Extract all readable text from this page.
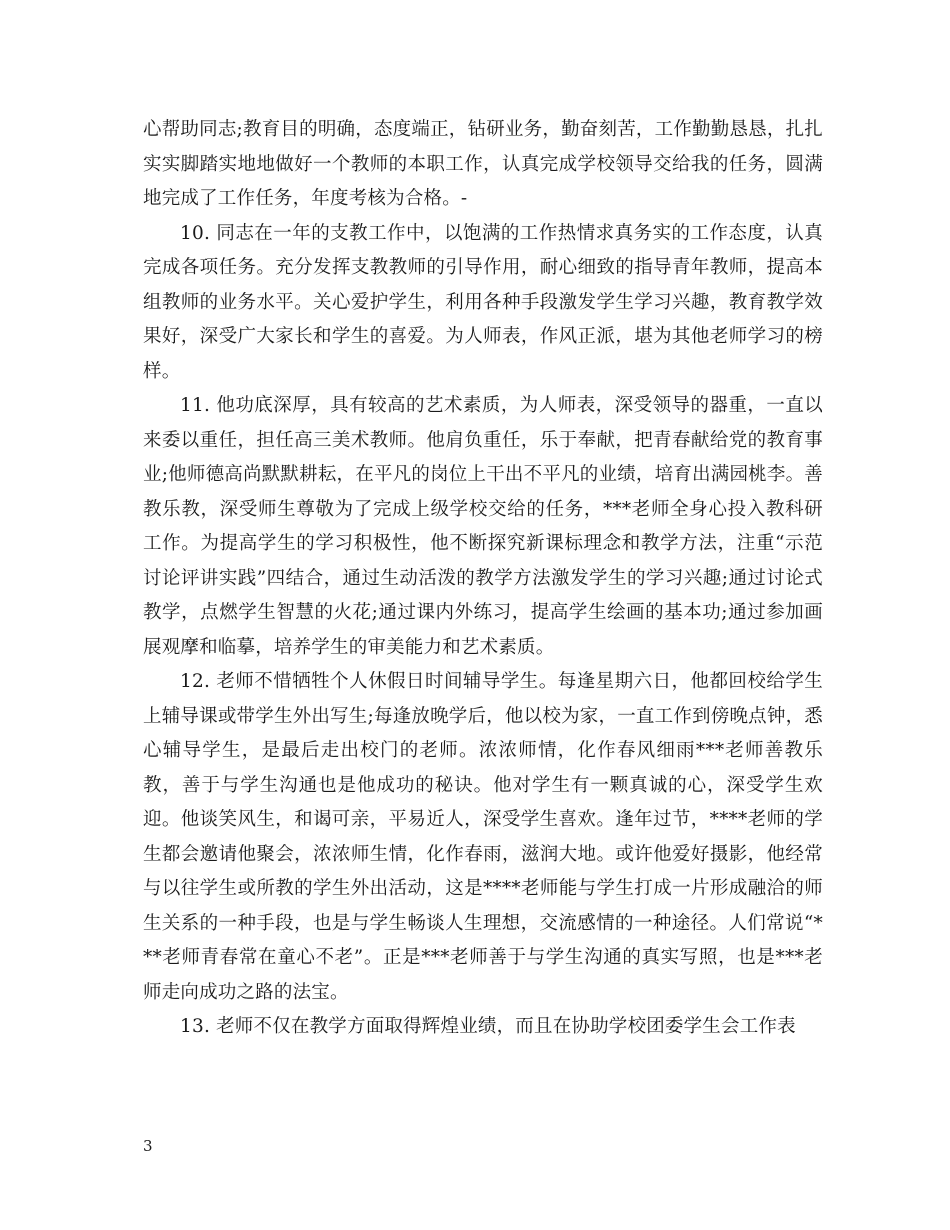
心帮助同志;教育目的明确，态度端正，钻研业务，勤奋刻苦，工作勤勤恳恳，扎扎实实脚踏实地地做好一个教师的本职工作，认真完成学校领导交给我的任务，圆满地完成了工作任务，年度考核为合格。-

10. 同志在一年的支教工作中，以饱满的工作热情求真务实的工作态度，认真完成各项任务。充分发挥支教教师的引导作用，耐心细致的指导青年教师，提高本组教师的业务水平。关心爱护学生，利用各种手段激发学生学习兴趣，教育教学效果好，深受广大家长和学生的喜爱。为人师表，作风正派，堪为其他老师学习的榜样。

11. 他功底深厚，具有较高的艺术素质，为人师表，深受领导的器重，一直以来委以重任，担任高三美术教师。他肩负重任，乐于奉献，把青春献给党的教育事业;他师德高尚默默耕耘，在平凡的岗位上干出不平凡的业绩，培育出满园桃李。善教乐教，深受师生尊敬为了完成上级学校交给的任务，***老师全身心投入教科研工作。为提高学生的学习积极性，他不断探究新课标理念和教学方法，注重“示范讨论评讲实践”四结合，通过生动活泼的教学方法激发学生的学习兴趣;通过讨论式教学，点燃学生智慧的火花;通过课内外练习，提高学生绘画的基本功;通过参加画展观摩和临摹，培养学生的审美能力和艺术素质。

12. 老师不惜牺牲个人休假日时间辅导学生。每逢星期六日，他都回校给学生上辅导课或带学生外出写生;每逢放晚学后，他以校为家，一直工作到傍晚点钟，悉心辅导学生，是最后走出校门的老师。浓浓师情，化作春风细雨***老师善教乐教，善于与学生沟通也是他成功的秘诀。他对学生有一颗真诚的心，深受学生欢迎。他谈笑风生，和谒可亲，平易近人，深受学生喜欢。逢年过节，****老师的学生都会邀请他聚会，浓浓师生情，化作春雨，滋润大地。或许他爱好摄影，他经常与以往学生或所教的学生外出活动，这是****老师能与学生打成一片形成融洽的师生关系的一种手段，也是与学生畅谈人生理想，交流感情的一种途径。人们常说“***老师青春常在童心不老”。正是***老师善于与学生沟通的真实写照，也是***老师走向成功之路的法宝。

13. 老师不仅在教学方面取得辉煌业绩，而且在协助学校团委学生会工作表

3
